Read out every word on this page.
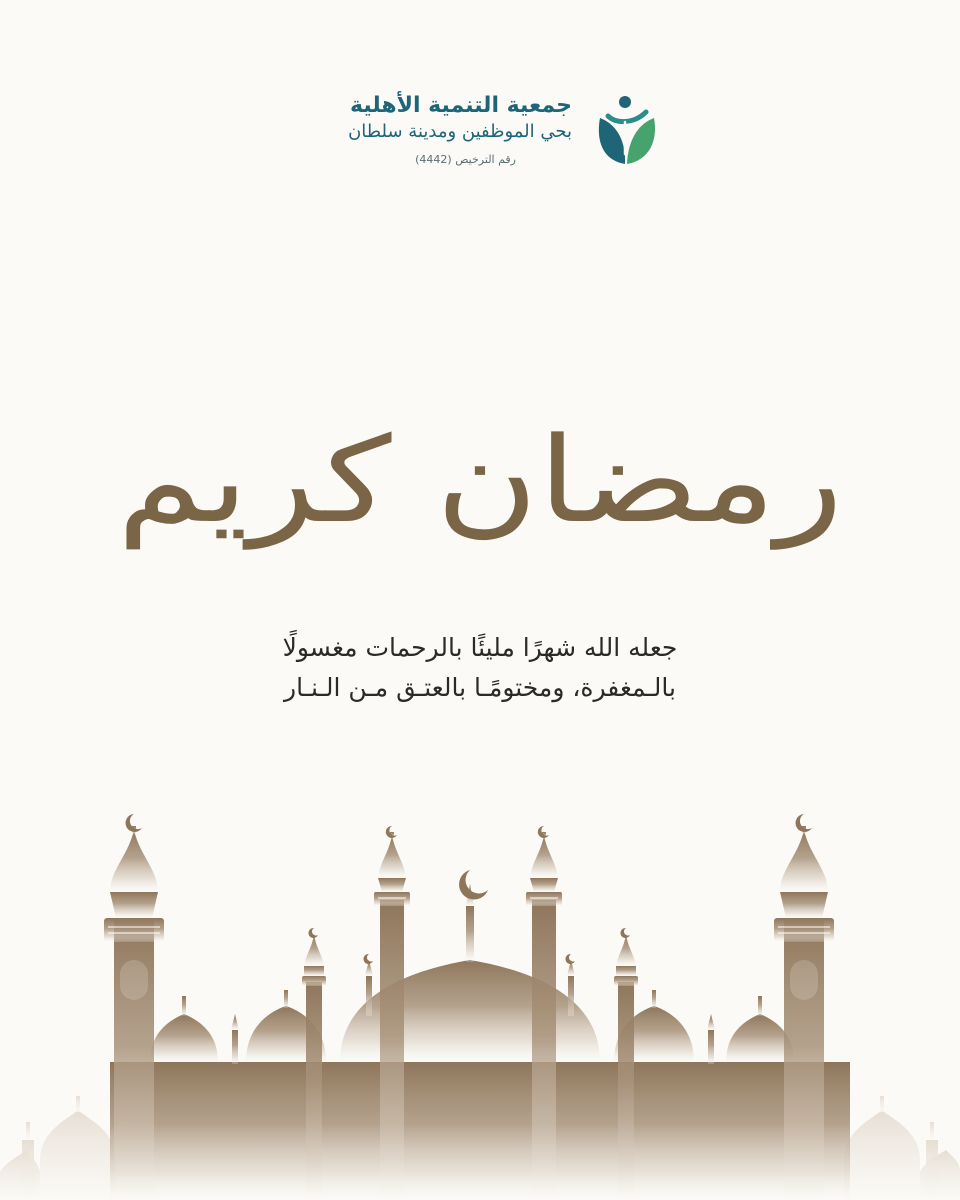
جمعية التنمية الأهلية
بحي الموظفين ومدينة سلطان
رقم الترخيص (4442)
رمضان كريم
جعله الله شهرًا مليئًا بالرحمات مغسولًا
بالـمغفرة، ومختومًـا بالعتـق مـن الـنـار
